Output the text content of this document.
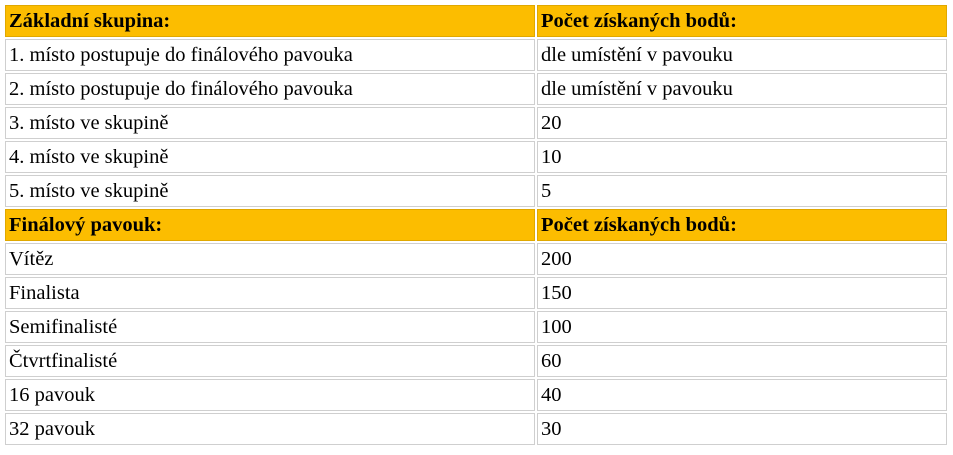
Základní skupina:	Počet získaných bodů:
1. místo postupuje do finálového pavouka	dle umístění v pavouku
2. místo postupuje do finálového pavouka	dle umístění v pavouku
3. místo ve skupině	20
4. místo ve skupině	10
5. místo ve skupině	5
Finálový pavouk:	Počet získaných bodů:
Vítěz	200
Finalista	150
Semifinalisté	100
Čtvrtfinalisté	60
16 pavouk	40
32 pavouk	30
